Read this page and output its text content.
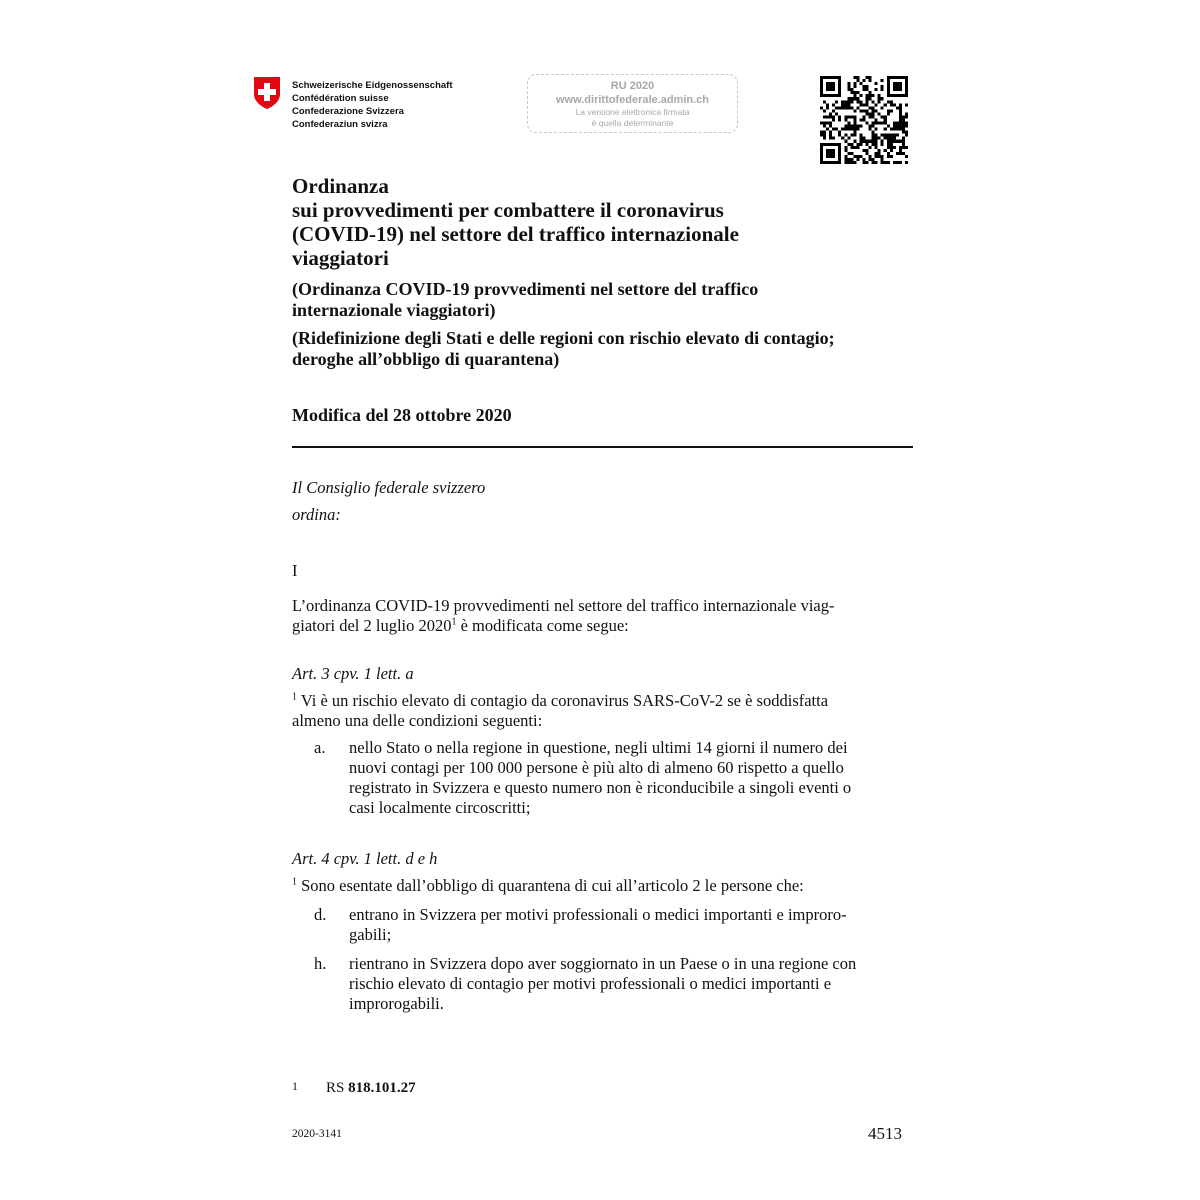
Schweizerische Eidgenossenschaft
Confédération suisse
Confederazione Svizzera
Confederaziun svizra
RU 2020
www.dirittofederale.admin.ch
La versione elettronica firmata
è quella determinante
Ordinanza
sui provvedimenti per combattere il coronavirus
(COVID-19) nel settore del traffico internazionale
viaggiatori
(Ordinanza COVID-19 provvedimenti nel settore del traffico
internazionale viaggiatori)
(Ridefinizione degli Stati e delle regioni con rischio elevato di contagio;
deroghe all’obbligo di quarantena)
Modifica del 28 ottobre 2020
Il Consiglio federale svizzero
ordina:
I
L’ordinanza COVID-19 provvedimenti nel settore del traffico internazionale viag-
giatori del 2 luglio 2020$^1$ è modificata come segue:
Art. 3 cpv. 1 lett. a
$^1$ Vi è un rischio elevato di contagio da coronavirus SARS-CoV-2 se è soddisfatta
almeno una delle condizioni seguenti:
a. nello Stato o nella regione in questione, negli ultimi 14 giorni il numero dei
nuovi contagi per 100 000 persone è più alto di almeno 60 rispetto a quello
registrato in Svizzera e questo numero non è riconducibile a singoli eventi o
casi localmente circoscritti;
Art. 4 cpv. 1 lett. d e h
$^1$ Sono esentate dall’obbligo di quarantena di cui all’articolo 2 le persone che:
d. entrano in Svizzera per motivi professionali o medici importanti e improro-
gabili;
h. rientrano in Svizzera dopo aver soggiornato in un Paese o in una regione con
rischio elevato di contagio per motivi professionali o medici importanti e
improrogabili.
1 RS 818.101.27
2020-3141	4513
